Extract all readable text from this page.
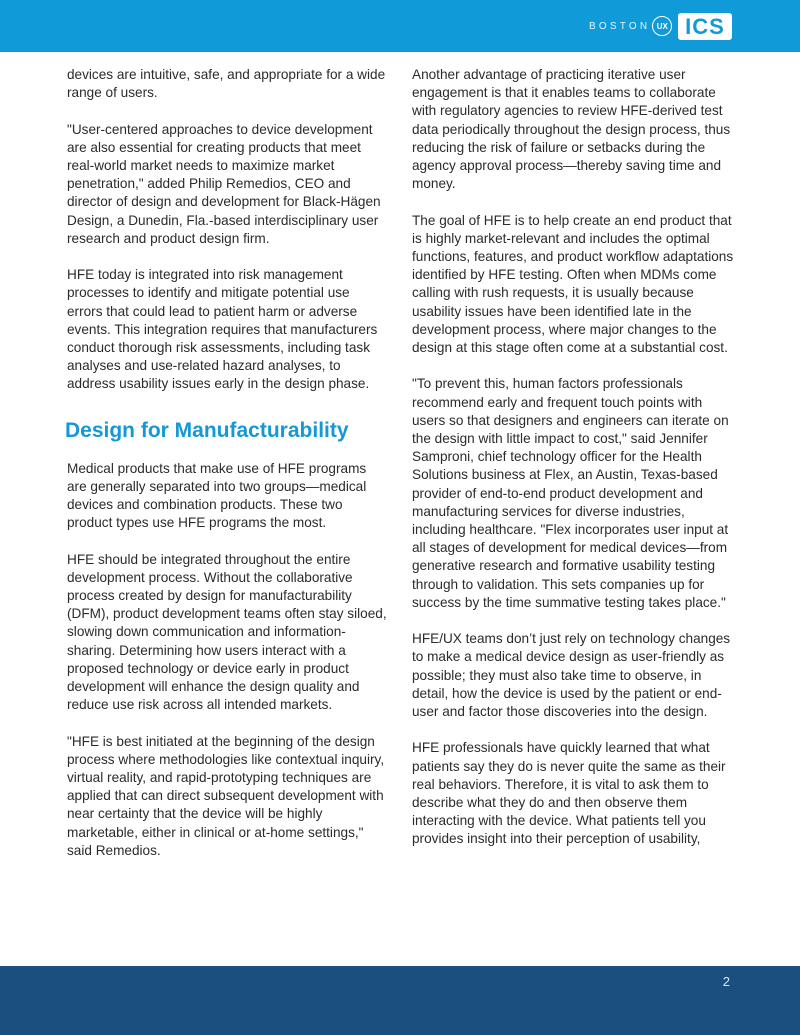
BOSTON UX ICS

devices are intuitive, safe, and appropriate for a wide range of users.

"User-centered approaches to device development are also essential for creating products that meet real-world market needs to maximize market penetration," added Philip Remedios, CEO and director of design and development for Black-Hägen Design, a Dunedin, Fla.-based interdisciplinary user research and product design firm.

HFE today is integrated into risk management processes to identify and mitigate potential use errors that could lead to patient harm or adverse events. This integration requires that manufacturers conduct thorough risk assessments, including task analyses and use-related hazard analyses, to address usability issues early in the design phase.

Design for Manufacturability

Medical products that make use of HFE programs are generally separated into two groups—medical devices and combination products. These two product types use HFE programs the most.

HFE should be integrated throughout the entire development process. Without the collaborative process created by design for manufacturability (DFM), product development teams often stay siloed, slowing down communication and information-sharing. Determining how users interact with a proposed technology or device early in product development will enhance the design quality and reduce use risk across all intended markets.

"HFE is best initiated at the beginning of the design process where methodologies like contextual inquiry, virtual reality, and rapid-prototyping techniques are applied that can direct subsequent development with near certainty that the device will be highly marketable, either in clinical or at-home settings," said Remedios.

Another advantage of practicing iterative user engagement is that it enables teams to collaborate with regulatory agencies to review HFE-derived test data periodically throughout the design process, thus reducing the risk of failure or setbacks during the agency approval process—thereby saving time and money.

The goal of HFE is to help create an end product that is highly market-relevant and includes the optimal functions, features, and product workflow adaptations identified by HFE testing. Often when MDMs come calling with rush requests, it is usually because usability issues have been identified late in the development process, where major changes to the design at this stage often come at a substantial cost.

"To prevent this, human factors professionals recommend early and frequent touch points with users so that designers and engineers can iterate on the design with little impact to cost," said Jennifer Samproni, chief technology officer for the Health Solutions business at Flex, an Austin, Texas-based provider of end-to-end product development and manufacturing services for diverse industries, including healthcare. "Flex incorporates user input at all stages of development for medical devices—from generative research and formative usability testing through to validation. This sets companies up for success by the time summative testing takes place."

HFE/UX teams don’t just rely on technology changes to make a medical device design as user-friendly as possible; they must also take time to observe, in detail, how the device is used by the patient or end-user and factor those discoveries into the design.

HFE professionals have quickly learned that what patients say they do is never quite the same as their real behaviors. Therefore, it is vital to ask them to describe what they do and then observe them interacting with the device. What patients tell you provides insight into their perception of usability,

2
